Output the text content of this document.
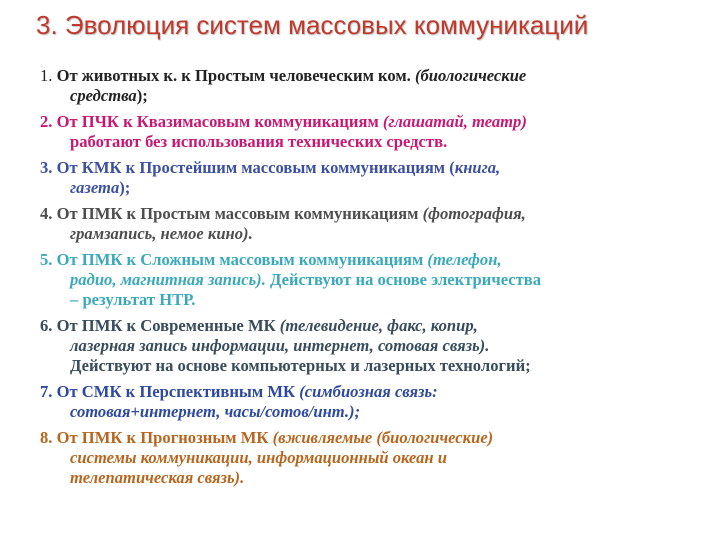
3. Эволюция систем массовых коммуникаций
1. От животных к. к Простым человеческим ком. (биологические
средства);
2. От ПЧК к Квазимасовым коммуникациям (глашатай, театр)
работают без использования технических средств.
3. От КМК к Простейшим массовым коммуникациям (книга,
газета);
4. От ПМК к Простым массовым коммуникациям (фотография,
грамзапись, немое кино).
5. От ПМК к Сложным массовым коммуникациям (телефон,
радио, магнитная запись). Действуют на основе электричества
– результат НТР.
6. От ПМК к Современные МК (телевидение, факс, копир,
лазерная запись информации, интернет, сотовая связь).
Действуют на основе компьютерных и лазерных технологий;
7. От СМК к Перспективным МК (симбиозная связь:
сотовая+интернет, часы/сотов/инт.);
8. От ПМК к Прогнозным МК (вживляемые (биологические)
системы коммуникации, информационный океан и
телепатическая связь).
